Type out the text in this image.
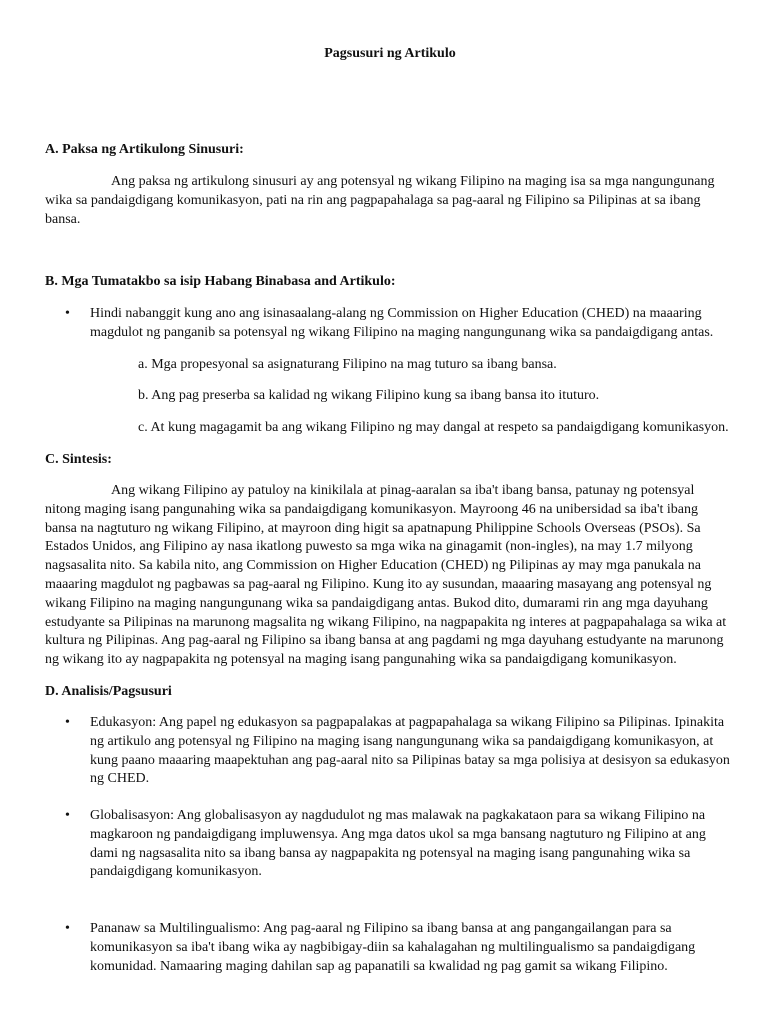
Pagsusuri ng Artikulo
A. Paksa ng Artikulong Sinusuri:
Ang paksa ng artikulong sinusuri ay ang potensyal ng wikang Filipino na maging isa sa mga nangungunang wika sa pandaigdigang komunikasyon, pati na rin ang pagpapahalaga sa pag-aaral ng Filipino sa Pilipinas at sa ibang bansa.
B. Mga Tumatakbo sa isip Habang Binabasa and Artikulo:
• Hindi nabanggit kung ano ang isinasaalang-alang ng Commission on Higher Education (CHED) na maaaring magdulot ng panganib sa potensyal ng wikang Filipino na maging nangungunang wika sa pandaigdigang antas.
a. Mga propesyonal sa asignaturang Filipino na mag tuturo sa ibang bansa.
b. Ang pag preserba sa kalidad ng wikang Filipino kung sa ibang bansa ito ituturo.
c. At kung magagamit ba ang wikang Filipino ng may dangal at respeto sa pandaigdigang komunikasyon.
C. Sintesis:
Ang wikang Filipino ay patuloy na kinikilala at pinag-aaralan sa iba't ibang bansa, patunay ng potensyal nitong maging isang pangunahing wika sa pandaigdigang komunikasyon. Mayroong 46 na unibersidad sa iba't ibang bansa na nagtuturo ng wikang Filipino, at mayroon ding higit sa apatnapung Philippine Schools Overseas (PSOs). Sa Estados Unidos, ang Filipino ay nasa ikatlong puwesto sa mga wika na ginagamit (non-ingles), na may 1.7 milyong nagsasalita nito. Sa kabila nito, ang Commission on Higher Education (CHED) ng Pilipinas ay may mga panukala na maaaring magdulot ng pagbawas sa pag-aaral ng Filipino. Kung ito ay susundan, maaaring masayang ang potensyal ng wikang Filipino na maging nangungunang wika sa pandaigdigang antas. Bukod dito, dumarami rin ang mga dayuhang estudyante sa Pilipinas na marunong magsalita ng wikang Filipino, na nagpapakita ng interes at pagpapahalaga sa wika at kultura ng Pilipinas. Ang pag-aaral ng Filipino sa ibang bansa at ang pagdami ng mga dayuhang estudyante na marunong ng wikang ito ay nagpapakita ng potensyal na maging isang pangunahing wika sa pandaigdigang komunikasyon.
D. Analisis/Pagsusuri
• Edukasyon: Ang papel ng edukasyon sa pagpapalakas at pagpapahalaga sa wikang Filipino sa Pilipinas. Ipinakita ng artikulo ang potensyal ng Filipino na maging isang nangungunang wika sa pandaigdigang komunikasyon, at kung paano maaaring maapektuhan ang pag-aaral nito sa Pilipinas batay sa mga polisiya at desisyon sa edukasyon ng CHED.
• Globalisasyon: Ang globalisasyon ay nagdudulot ng mas malawak na pagkakataon para sa wikang Filipino na magkaroon ng pandaigdigang impluwensya. Ang mga datos ukol sa mga bansang nagtuturo ng Filipino at ang dami ng nagsasalita nito sa ibang bansa ay nagpapakita ng potensyal na maging isang pangunahing wika sa pandaigdigang komunikasyon.
• Pananaw sa Multilingualismo: Ang pag-aaral ng Filipino sa ibang bansa at ang pangangailangan para sa komunikasyon sa iba't ibang wika ay nagbibigay-diin sa kahalagahan ng multilingualismo sa pandaigdigang komunidad. Namaaring maging dahilan sap ag papanatili sa kwalidad ng pag gamit sa wikang Filipino.
